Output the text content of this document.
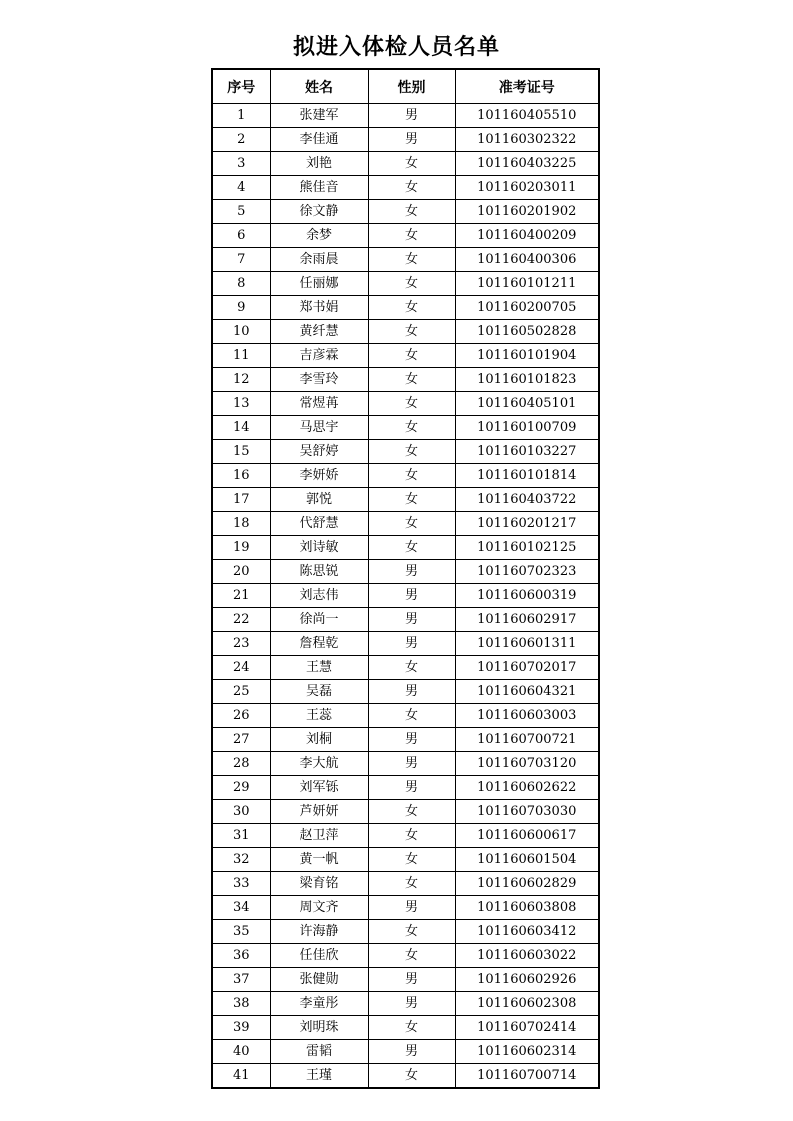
拟进入体检人员名单
序号	姓名	性别	准考证号
1	张建军	男	101160405510
2	李佳通	男	101160302322
3	刘艳	女	101160403225
4	熊佳音	女	101160203011
5	徐文静	女	101160201902
6	余梦	女	101160400209
7	余雨晨	女	101160400306
8	任丽娜	女	101160101211
9	郑书娟	女	101160200705
10	黄纤慧	女	101160502828
11	吉彦霖	女	101160101904
12	李雪玲	女	101160101823
13	常煜苒	女	101160405101
14	马思宇	女	101160100709
15	吴舒婷	女	101160103227
16	李妍娇	女	101160101814
17	郭悦	女	101160403722
18	代舒慧	女	101160201217
19	刘诗敏	女	101160102125
20	陈思锐	男	101160702323
21	刘志伟	男	101160600319
22	徐尚一	男	101160602917
23	詹程乾	男	101160601311
24	王慧	女	101160702017
25	吴磊	男	101160604321
26	王蕊	女	101160603003
27	刘桐	男	101160700721
28	李大航	男	101160703120
29	刘军铄	男	101160602622
30	芦妍妍	女	101160703030
31	赵卫萍	女	101160600617
32	黄一帆	女	101160601504
33	梁育铭	女	101160602829
34	周文齐	男	101160603808
35	许海静	女	101160603412
36	任佳欣	女	101160603022
37	张健勋	男	101160602926
38	李童彤	男	101160602308
39	刘明珠	女	101160702414
40	雷韬	男	101160602314
41	王瑾	女	101160700714
